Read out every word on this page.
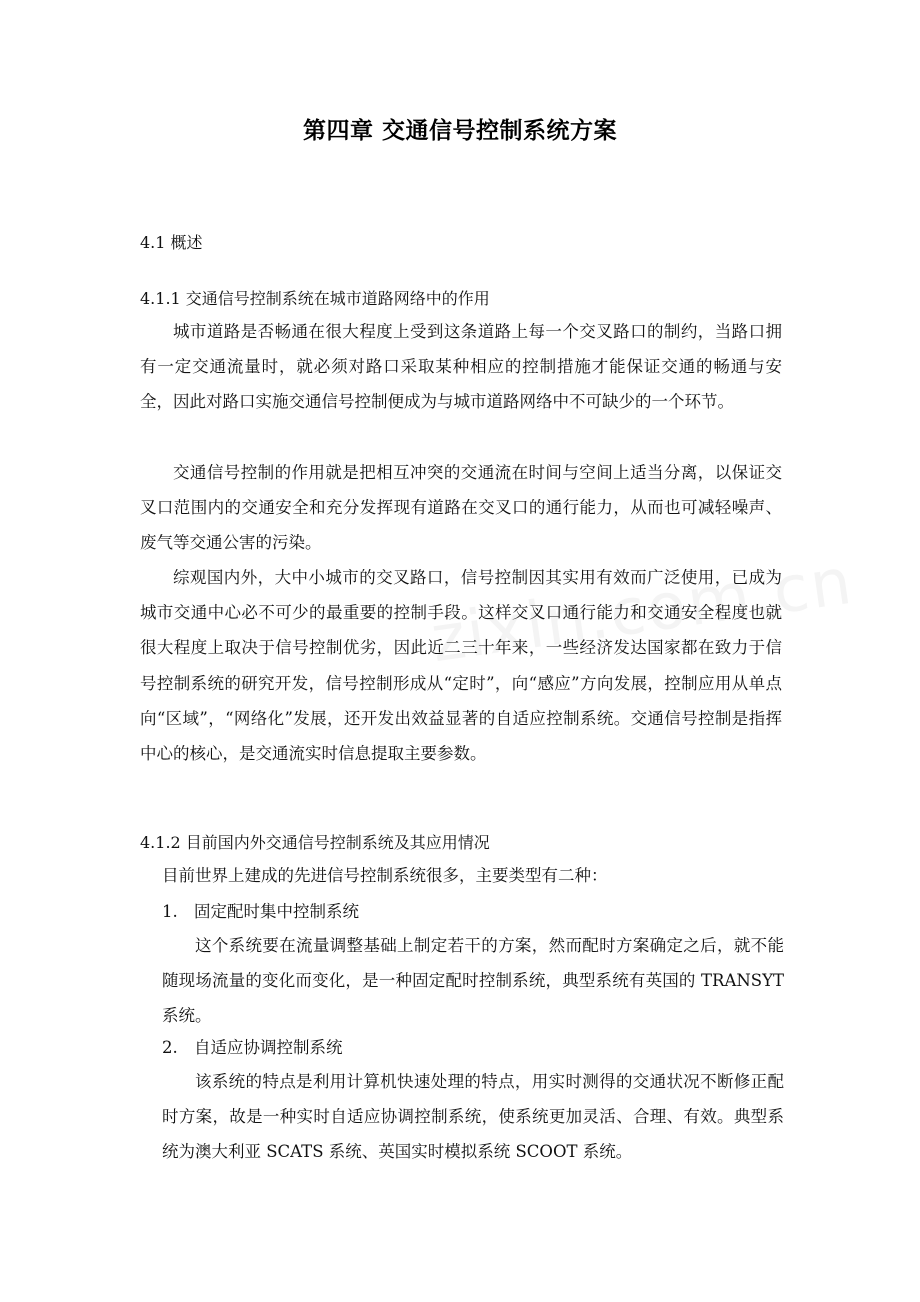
第四章 交通信号控制系统方案
4.1 概述
4.1.1 交通信号控制系统在城市道路网络中的作用

城市道路是否畅通在很大程度上受到这条道路上每一个交叉路口的制约，当路口拥有一定交通流量时，就必须对路口采取某种相应的控制措施才能保证交通的畅通与安全，因此对路口实施交通信号控制便成为与城市道路网络中不可缺少的一个环节。

交通信号控制的作用就是把相互冲突的交通流在时间与空间上适当分离，以保证交叉口范围内的交通安全和充分发挥现有道路在交叉口的通行能力，从而也可减轻噪声、废气等交通公害的污染。

综观国内外，大中小城市的交叉路口，信号控制因其实用有效而广泛使用，已成为城市交通中心必不可少的最重要的控制手段。这样交叉口通行能力和交通安全程度也就很大程度上取决于信号控制优劣，因此近二三十年来，一些经济发达国家都在致力于信号控制系统的研究开发，信号控制形成从“定时”，向“感应”方向发展，控制应用从单点向“区域”，“网络化”发展，还开发出效益显著的自适应控制系统。交通信号控制是指挥中心的核心，是交通流实时信息提取主要参数。

4.1.2 目前国内外交通信号控制系统及其应用情况

目前世界上建成的先进信号控制系统很多，主要类型有二种：

1. 固定配时集中控制系统

这个系统要在流量调整基础上制定若干的方案，然而配时方案确定之后，就不能随现场流量的变化而变化，是一种固定配时控制系统，典型系统有英国的 TRANSYT 系统。

2. 自适应协调控制系统

该系统的特点是利用计算机快速处理的特点，用实时测得的交通状况不断修正配时方案，故是一种实时自适应协调控制系统，使系统更加灵活、合理、有效。典型系统为澳大利亚 SCATS 系统、英国实时模拟系统 SCOOT 系统。
